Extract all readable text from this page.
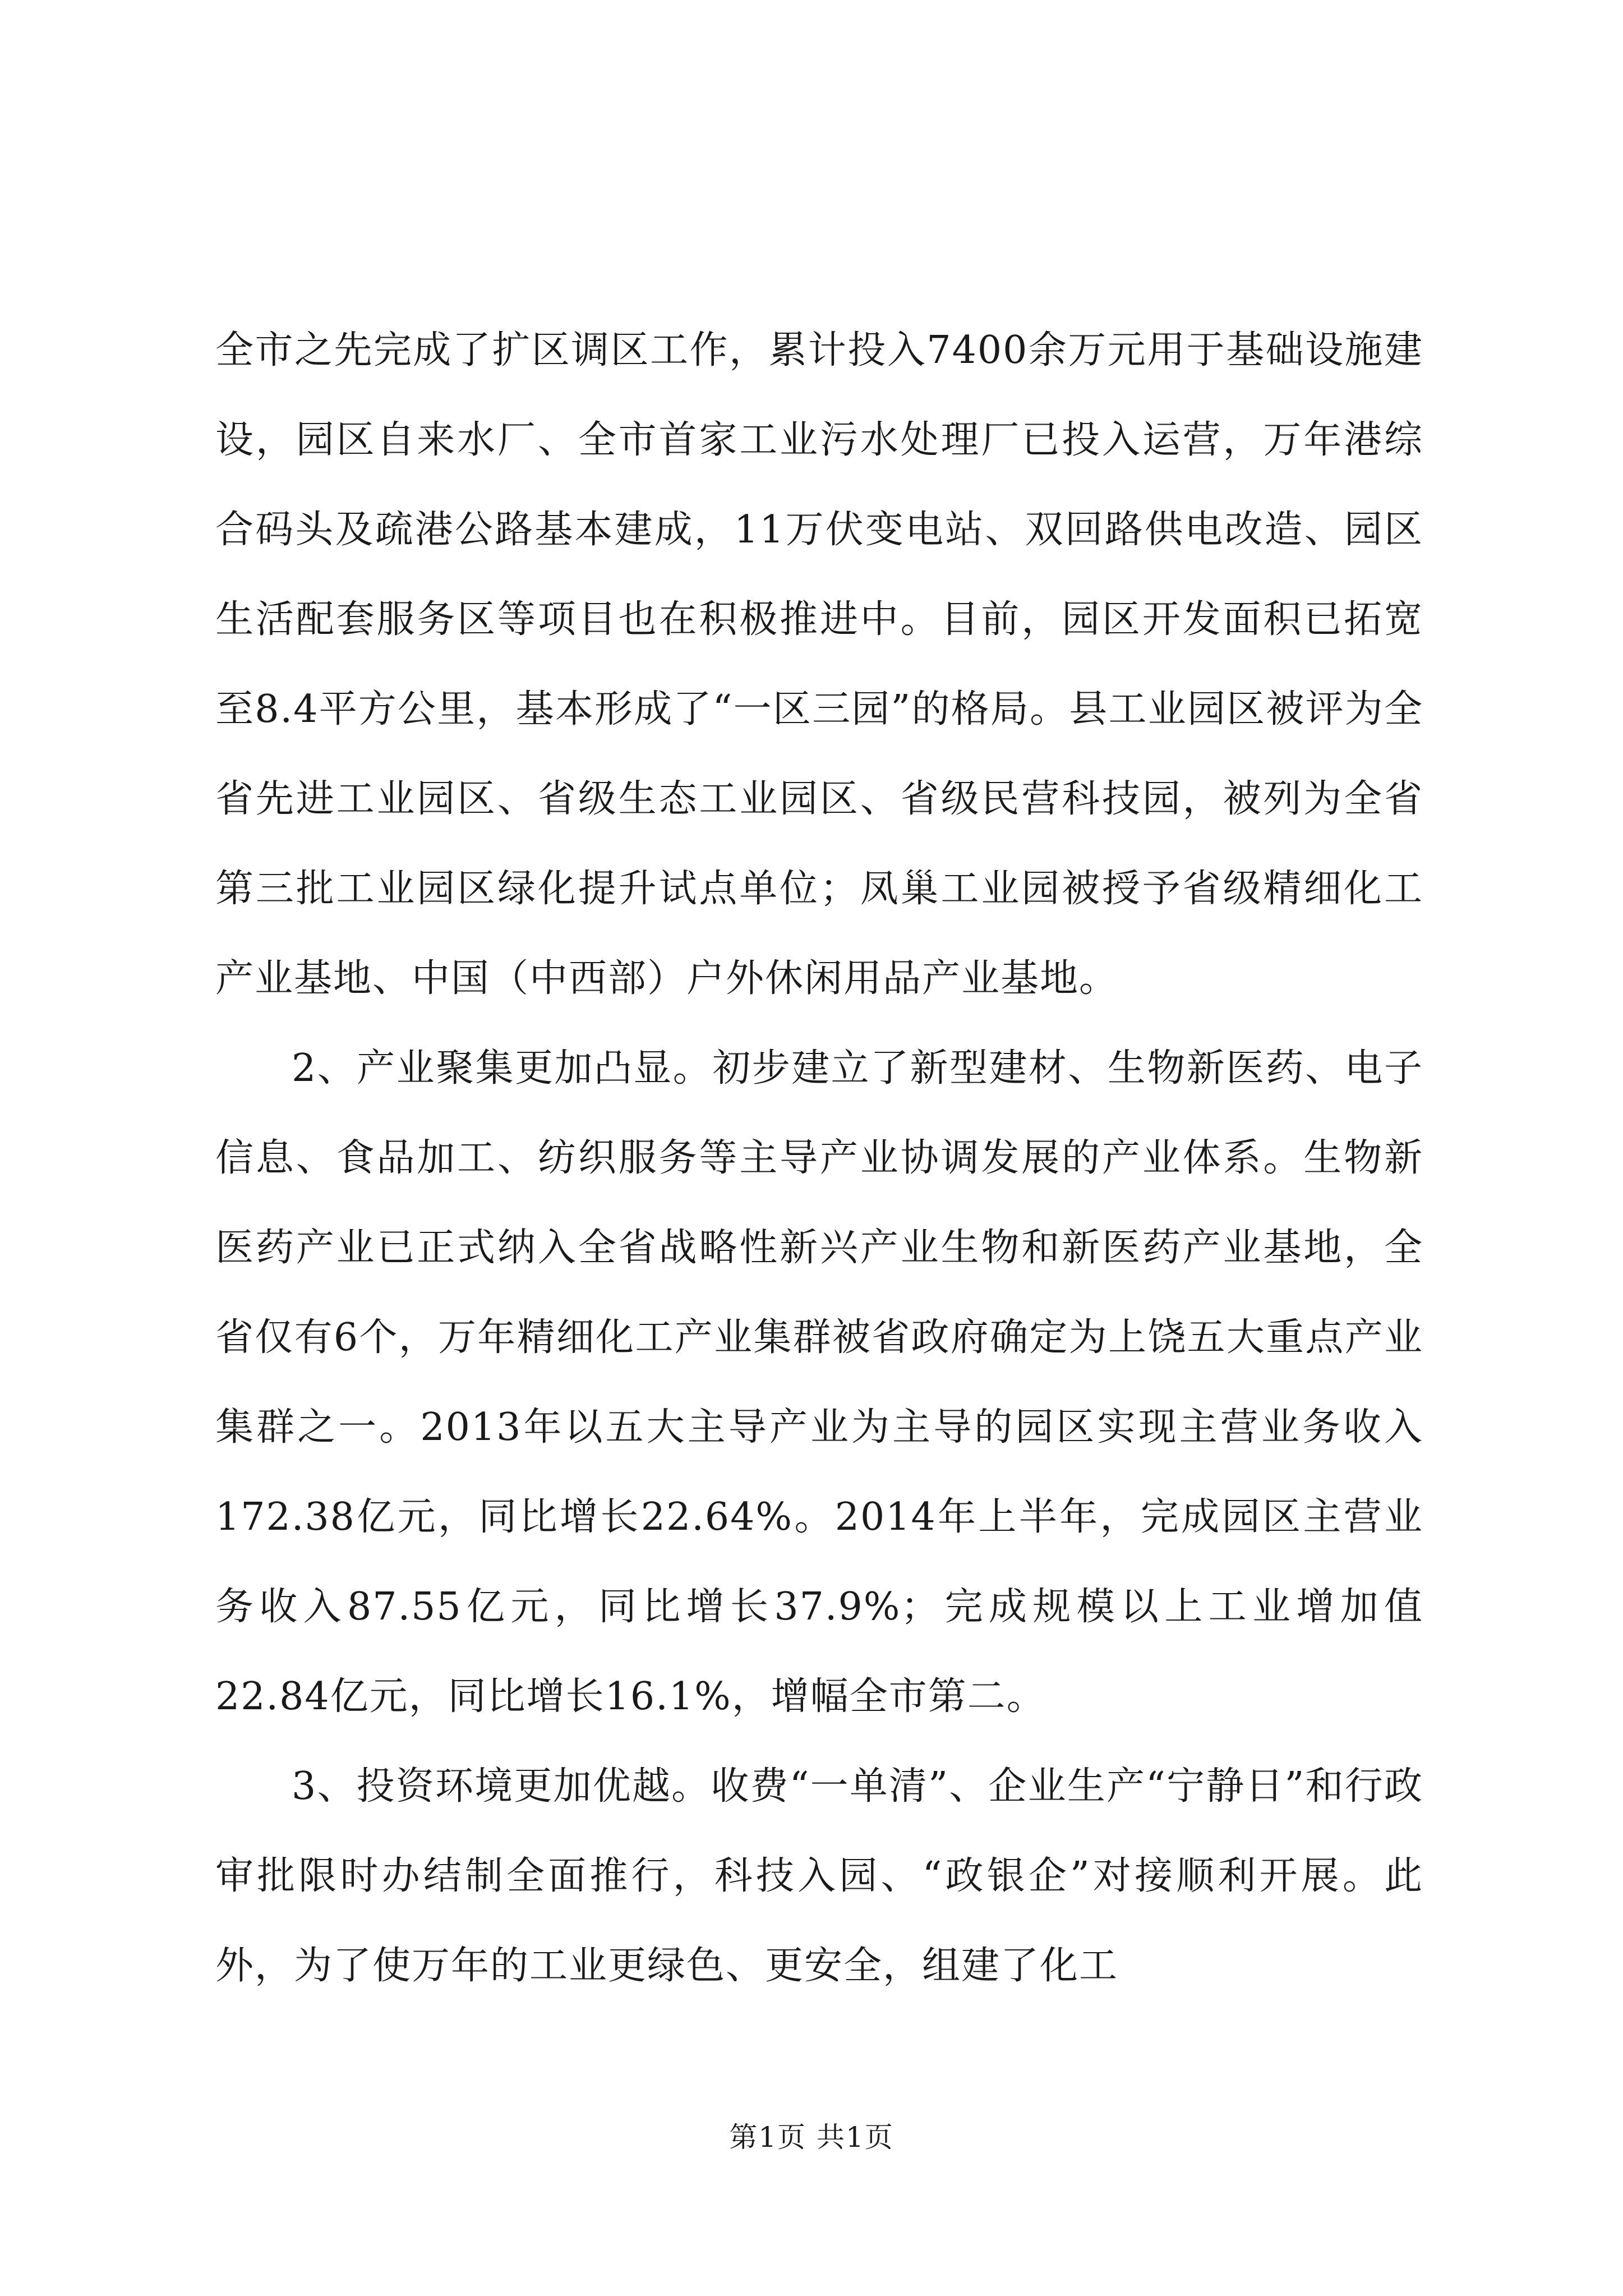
全市之先完成了扩区调区工作，累计投入7400余万元用于基础设施建设，园区自来水厂、全市首家工业污水处理厂已投入运营，万年港综合码头及疏港公路基本建成，11万伏变电站、双回路供电改造、园区生活配套服务区等项目也在积极推进中。目前，园区开发面积已拓宽至8.4平方公里，基本形成了“一区三园”的格局。县工业园区被评为全省先进工业园区、省级生态工业园区、省级民营科技园，被列为全省第三批工业园区绿化提升试点单位；凤巢工业园被授予省级精细化工产业基地、中国（中西部）户外休闲用品产业基地。

2、产业聚集更加凸显。初步建立了新型建材、生物新医药、电子信息、食品加工、纺织服务等主导产业协调发展的产业体系。生物新医药产业已正式纳入全省战略性新兴产业生物和新医药产业基地，全省仅有6个，万年精细化工产业集群被省政府确定为上饶五大重点产业集群之一。2013年以五大主导产业为主导的园区实现主营业务收入172.38亿元，同比增长22.64%。2014年上半年，完成园区主营业务收入87.55亿元，同比增长37.9%；完成规模以上工业增加值22.84亿元，同比增长16.1%，增幅全市第二。

3、投资环境更加优越。收费“一单清”、企业生产“宁静日”和行政审批限时办结制全面推行，科技入园、“政银企”对接顺利开展。此外，为了使万年的工业更绿色、更安全，组建了化工

第1页 共1页
